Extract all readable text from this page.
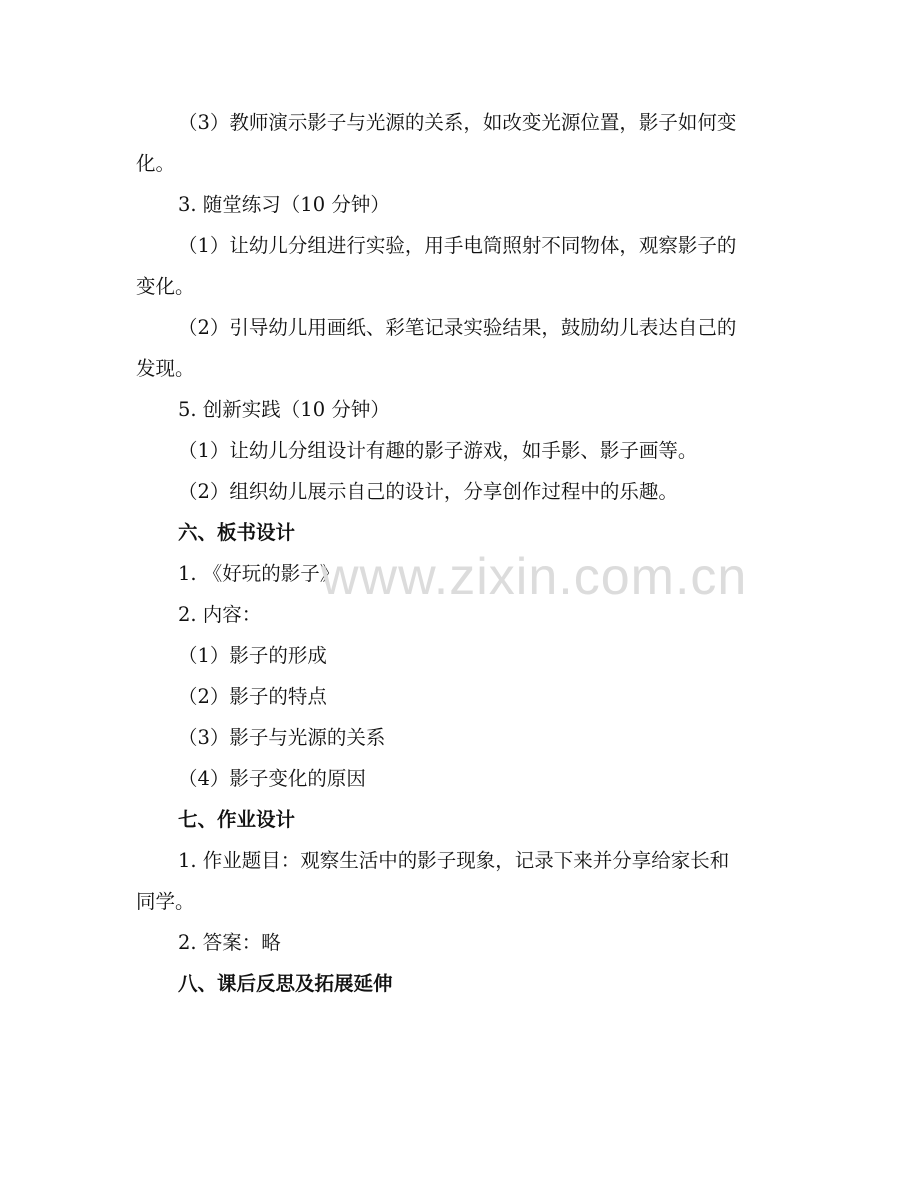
（3）教师演示影子与光源的关系，如改变光源位置，影子如何变
化。
3. 随堂练习（10 分钟）
（1）让幼儿分组进行实验，用手电筒照射不同物体，观察影子的
变化。
（2）引导幼儿用画纸、彩笔记录实验结果，鼓励幼儿表达自己的
发现。
5. 创新实践（10 分钟）
（1）让幼儿分组设计有趣的影子游戏，如手影、影子画等。
（2）组织幼儿展示自己的设计，分享创作过程中的乐趣。
六、板书设计
1. 《好玩的影子》
2. 内容：
（1）影子的形成
（2）影子的特点
（3）影子与光源的关系
（4）影子变化的原因
七、作业设计
1. 作业题目：观察生活中的影子现象，记录下来并分享给家长和
同学。
2. 答案：略
八、课后反思及拓展延伸
www.zixin.com.cn
